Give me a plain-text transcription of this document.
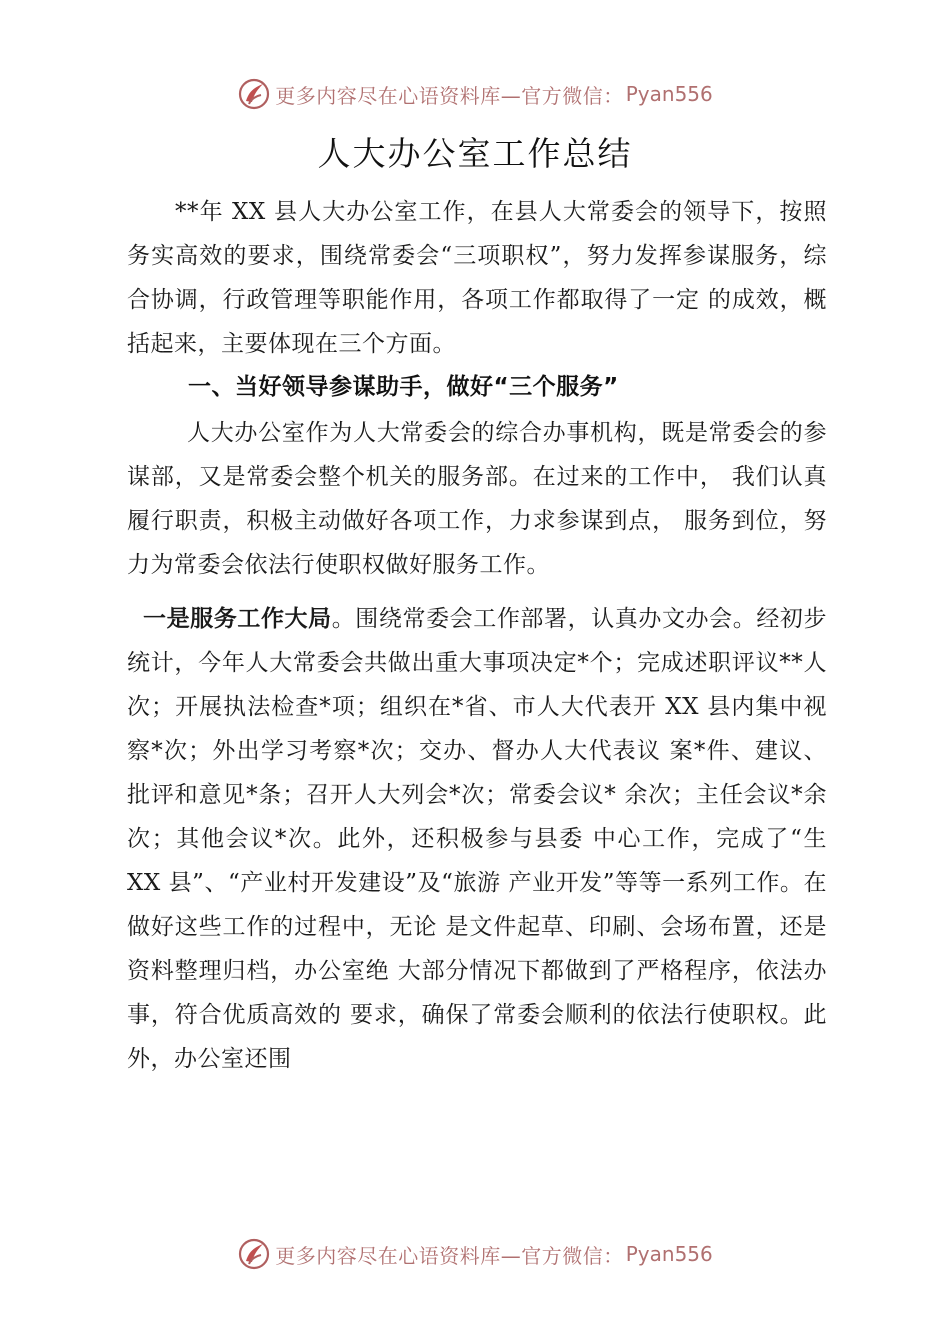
更多内容尽在心语资料库—官方微信： Pyan556
人大办公室工作总结
**年 XX 县人大办公室工作，在县人大常委会的领导下，按照务实高效的要求，围绕常委会“三项职权”，努力发挥参谋服务，综合协调，行政管理等职能作用，各项工作都取得了一定 的成效，概括起来，主要体现在三个方面。
一、当好领导参谋助手，做好“三个服务”
人大办公室作为人大常委会的综合办事机构，既是常委会的参谋部，又是常委会整个机关的服务部。在过来的工作中， 我们认真履行职责，积极主动做好各项工作，力求参谋到点， 服务到位，努力为常委会依法行使职权做好服务工作。
一是服务工作大局。围绕常委会工作部署，认真办文办会。经初步统计，今年人大常委会共做出重大事项决定*个；完成述职评议**人次；开展执法检查*项；组织在*省、市人大代表开 XX 县内集中视察*次；外出学习考察*次；交办、督办人大代表议 案*件、建议、批评和意见*条；召开人大列会*次；常委会议* 余次；主任会议*余次；其他会议*次。此外，还积极参与县委 中心工作，完成了“生 XX 县”、“产业村开发建设”及“旅游 产业开发”等等一系列工作。在做好这些工作的过程中，无论 是文件起草、印刷、会场布置，还是资料整理归档，办公室绝 大部分情况下都做到了严格程序，依法办事，符合优质高效的 要求，确保了常委会顺利的依法行使职权。此外，办公室还围
更多内容尽在心语资料库—官方微信： Pyan556
